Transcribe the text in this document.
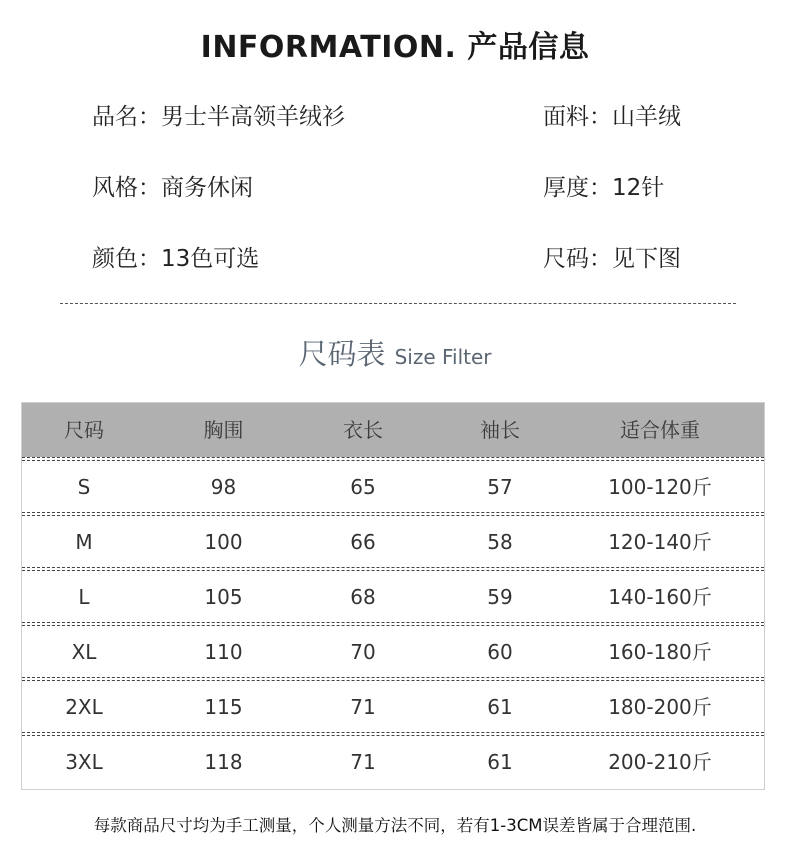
INFORMATION. 产品信息
品名：男士半高领羊绒衫	面料：山羊绒
风格：商务休闲	厚度：12针
颜色：13色可选	尺码：见下图
尺码表 Size Filter
尺码	胸围	衣长	袖长	适合体重
S	98	65	57	100-120斤
M	100	66	58	120-140斤
L	105	68	59	140-160斤
XL	110	70	60	160-180斤
2XL	115	71	61	180-200斤
3XL	118	71	61	200-210斤
每款商品尺寸均为手工测量，个人测量方法不同，若有1-3CM误差皆属于合理范围.
